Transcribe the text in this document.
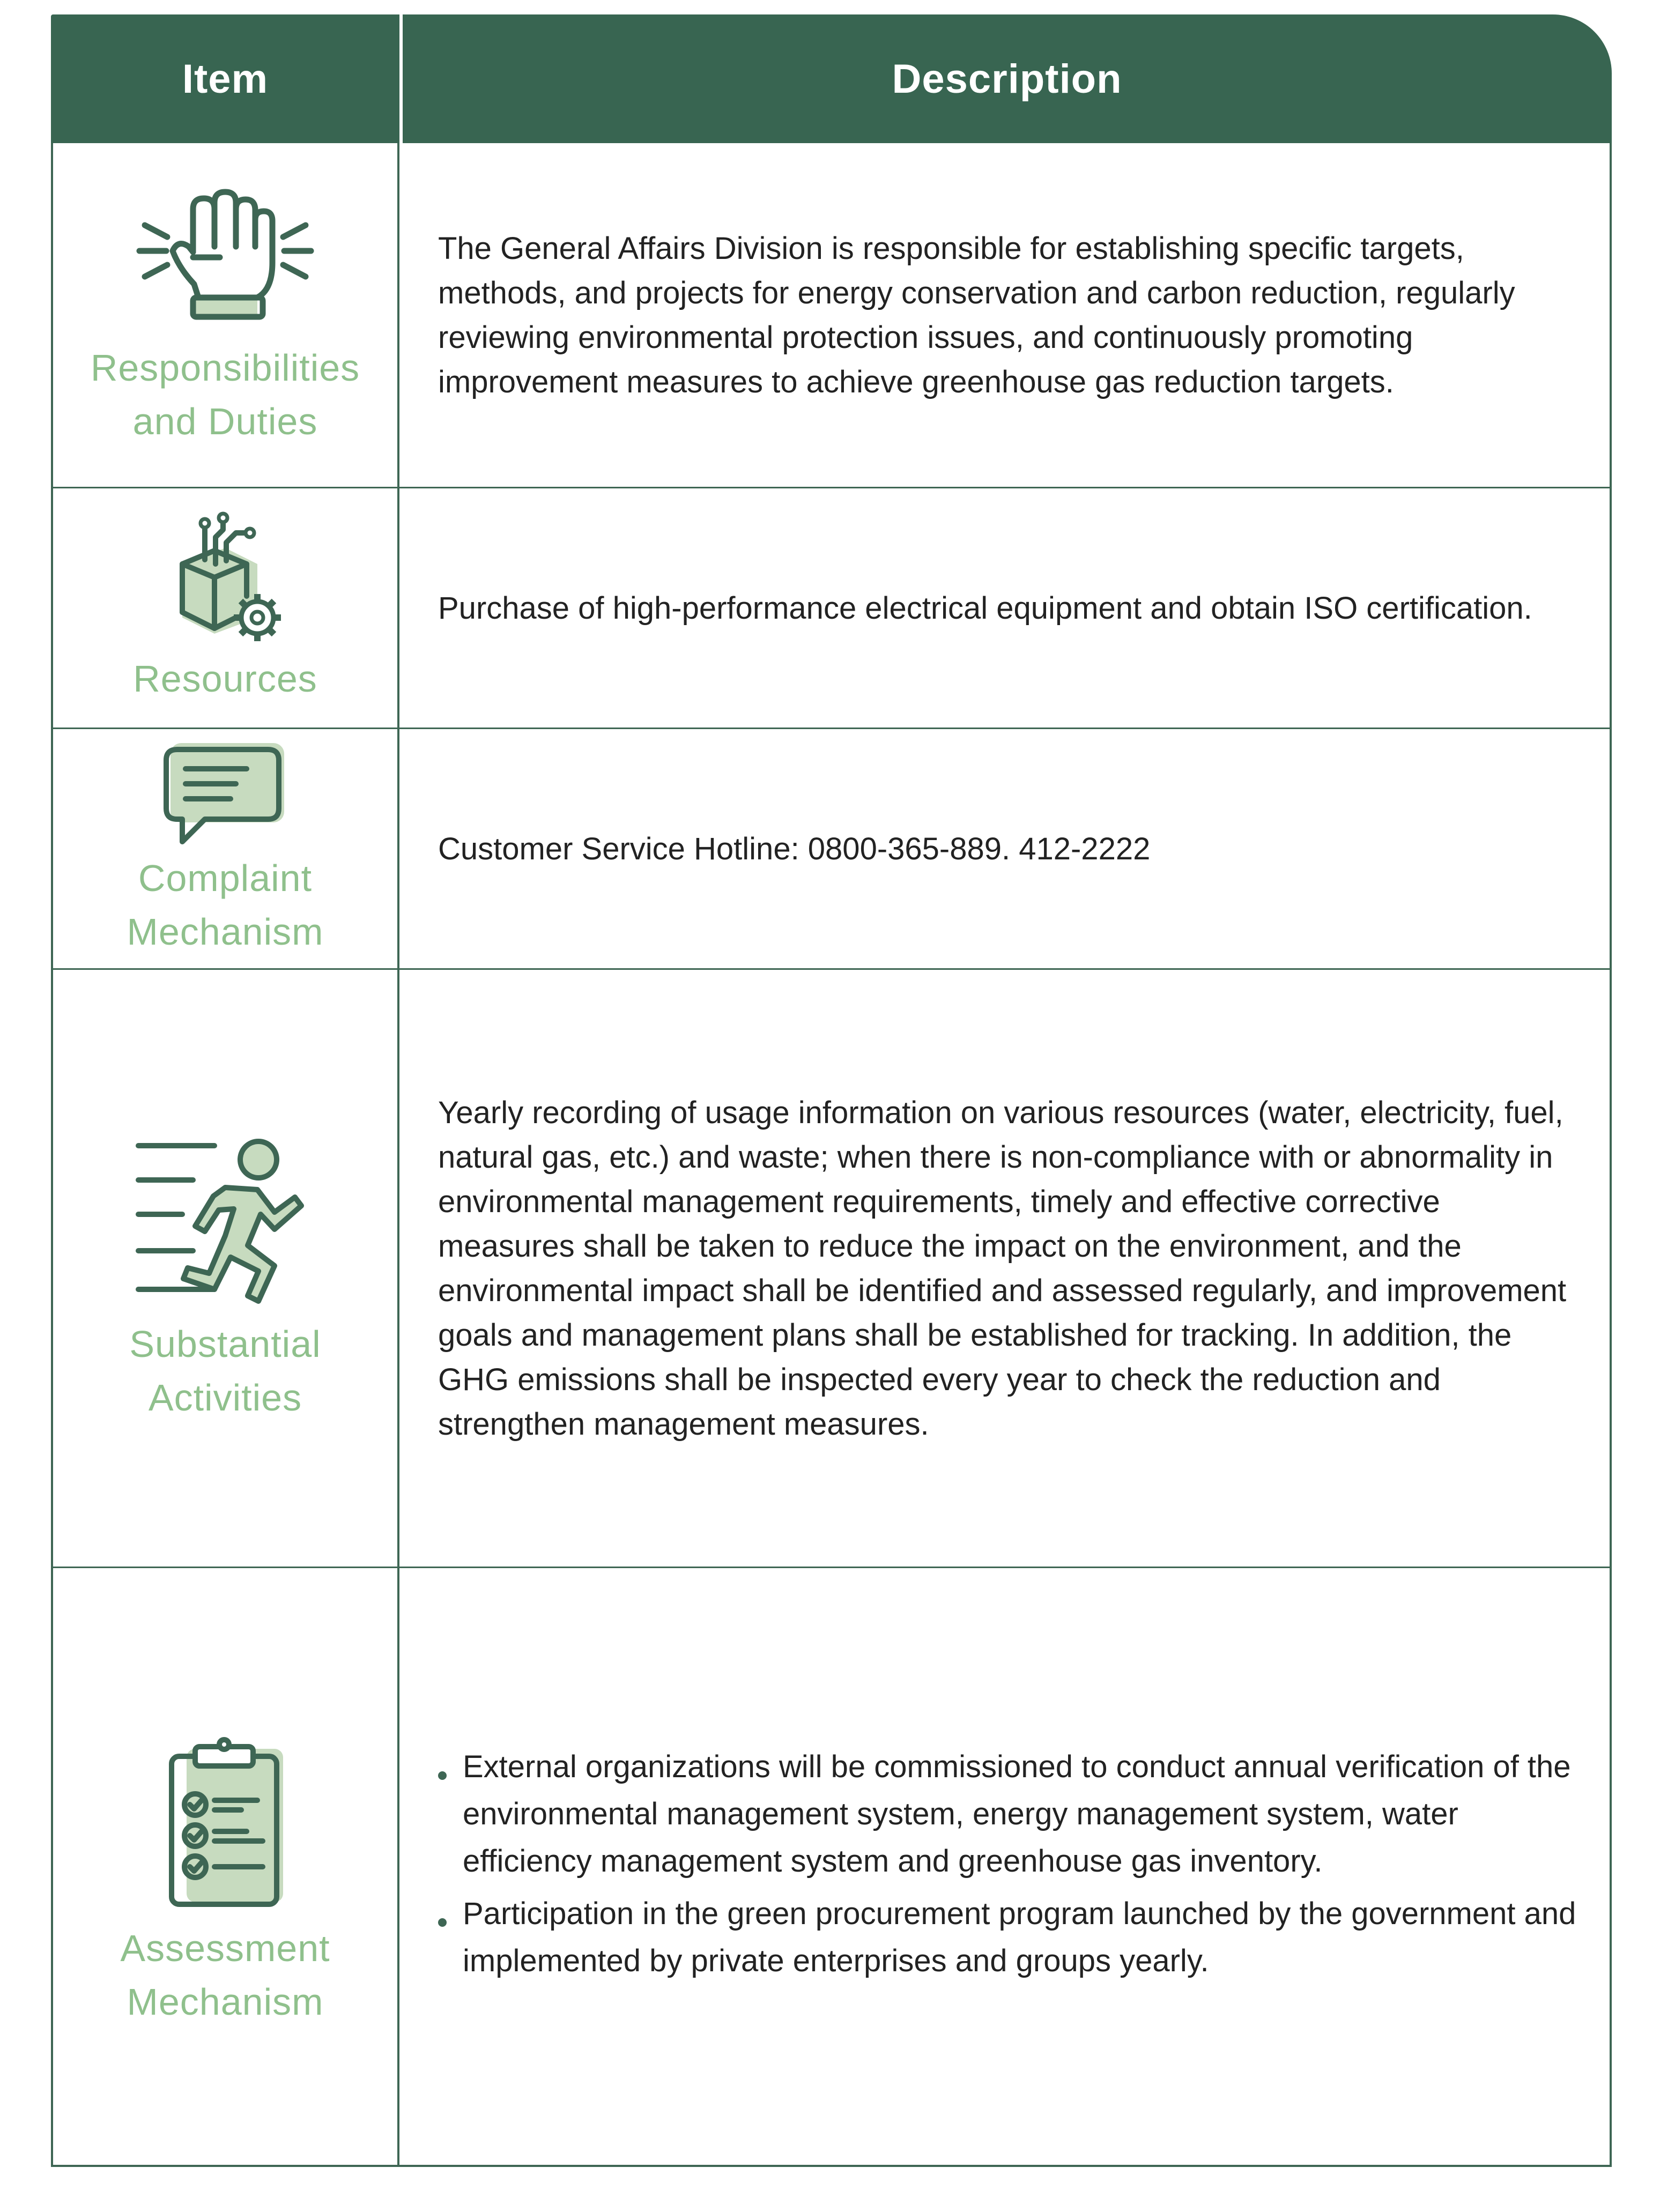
Item	Description
Responsibilities and Duties
The General Affairs Division is responsible for establishing specific targets, methods, and projects for energy conservation and carbon reduction, regularly reviewing environmental protection issues, and continuously promoting improvement measures to achieve greenhouse gas reduction targets.
Resources
Purchase of high-performance electrical equipment and obtain ISO certification.
Complaint Mechanism
Customer Service Hotline: 0800-365-889. 412-2222
Substantial Activities
Yearly recording of usage information on various resources (water, electricity, fuel, natural gas, etc.) and waste; when there is non-compliance with or abnormality in environmental management requirements, timely and effective corrective measures shall be taken to reduce the impact on the environment, and the environmental impact shall be identified and assessed regularly, and improvement goals and management plans shall be established for tracking. In addition, the GHG emissions shall be inspected every year to check the reduction and strengthen management measures.
Assessment Mechanism
External organizations will be commissioned to conduct annual verification of the environmental management system, energy management system, water efficiency management system and greenhouse gas inventory.
Participation in the green procurement program launched by the government and implemented by private enterprises and groups yearly.
